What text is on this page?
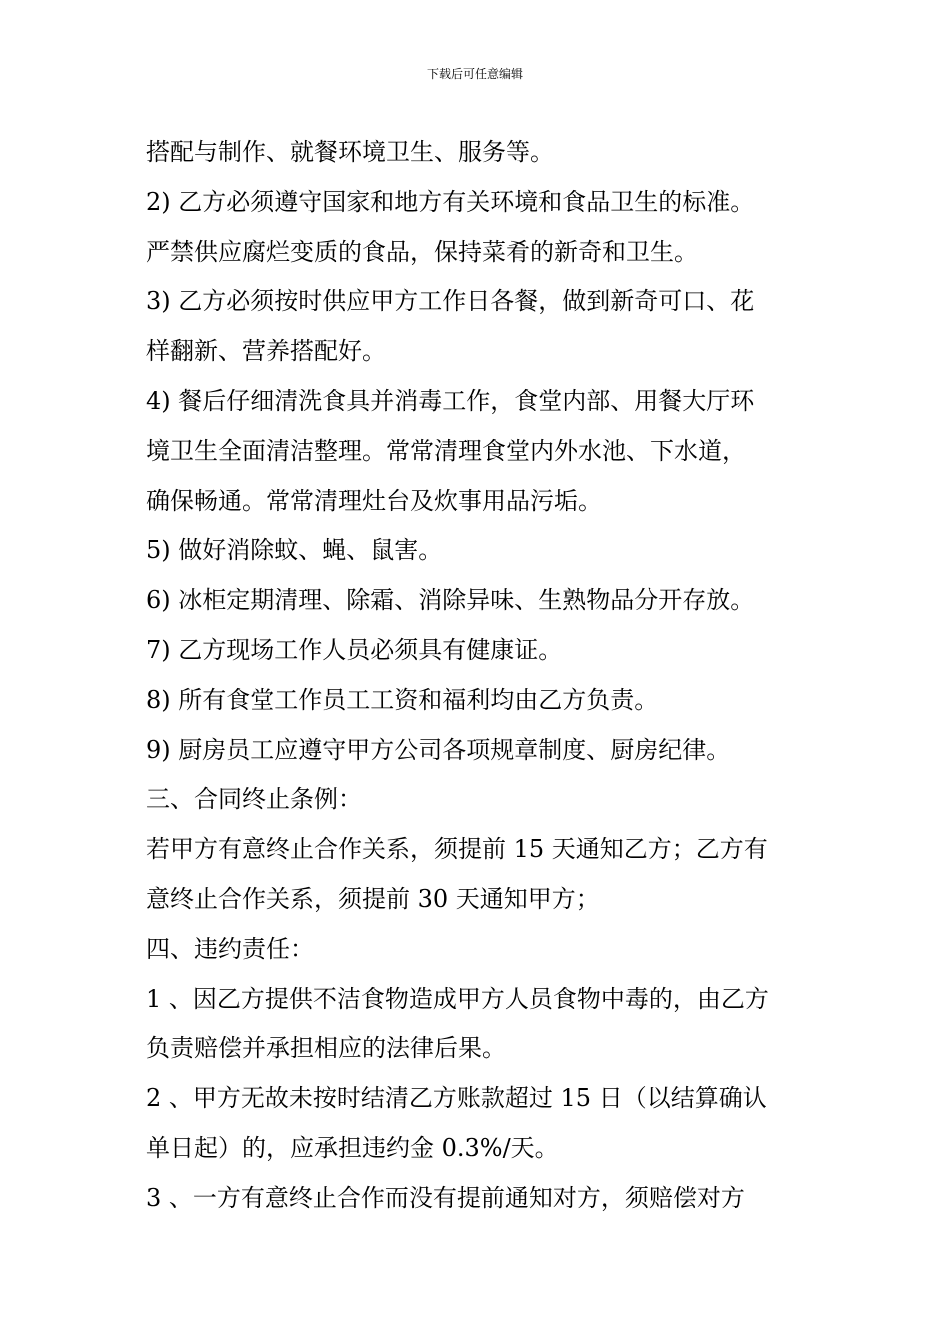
下载后可任意编辑
搭配与制作、就餐环境卫生、服务等。
2) 乙方必须遵守国家和地方有关环境和食品卫生的标准。
严禁供应腐烂变质的食品，保持菜肴的新奇和卫生。
3) 乙方必须按时供应甲方工作日各餐，做到新奇可口、花
样翻新、营养搭配好。
4) 餐后仔细清洗食具并消毒工作，食堂内部、用餐大厅环
境卫生全面清洁整理。常常清理食堂内外水池、下水道，
确保畅通。常常清理灶台及炊事用品污垢。
5) 做好消除蚊、蝇、鼠害。
6) 冰柜定期清理、除霜、消除异味、生熟物品分开存放。
7) 乙方现场工作人员必须具有健康证。
8) 所有食堂工作员工工资和福利均由乙方负责。
9) 厨房员工应遵守甲方公司各项规章制度、厨房纪律。
三、合同终止条例：
若甲方有意终止合作关系，须提前 15 天通知乙方；乙方有
意终止合作关系，须提前 30 天通知甲方；
四、违约责任：
1 、因乙方提供不洁食物造成甲方人员食物中毒的，由乙方
负责赔偿并承担相应的法律后果。
2 、甲方无故未按时结清乙方账款超过 15 日（以结算确认
单日起）的，应承担违约金 0.3%/天。
3 、一方有意终止合作而没有提前通知对方，须赔偿对方
